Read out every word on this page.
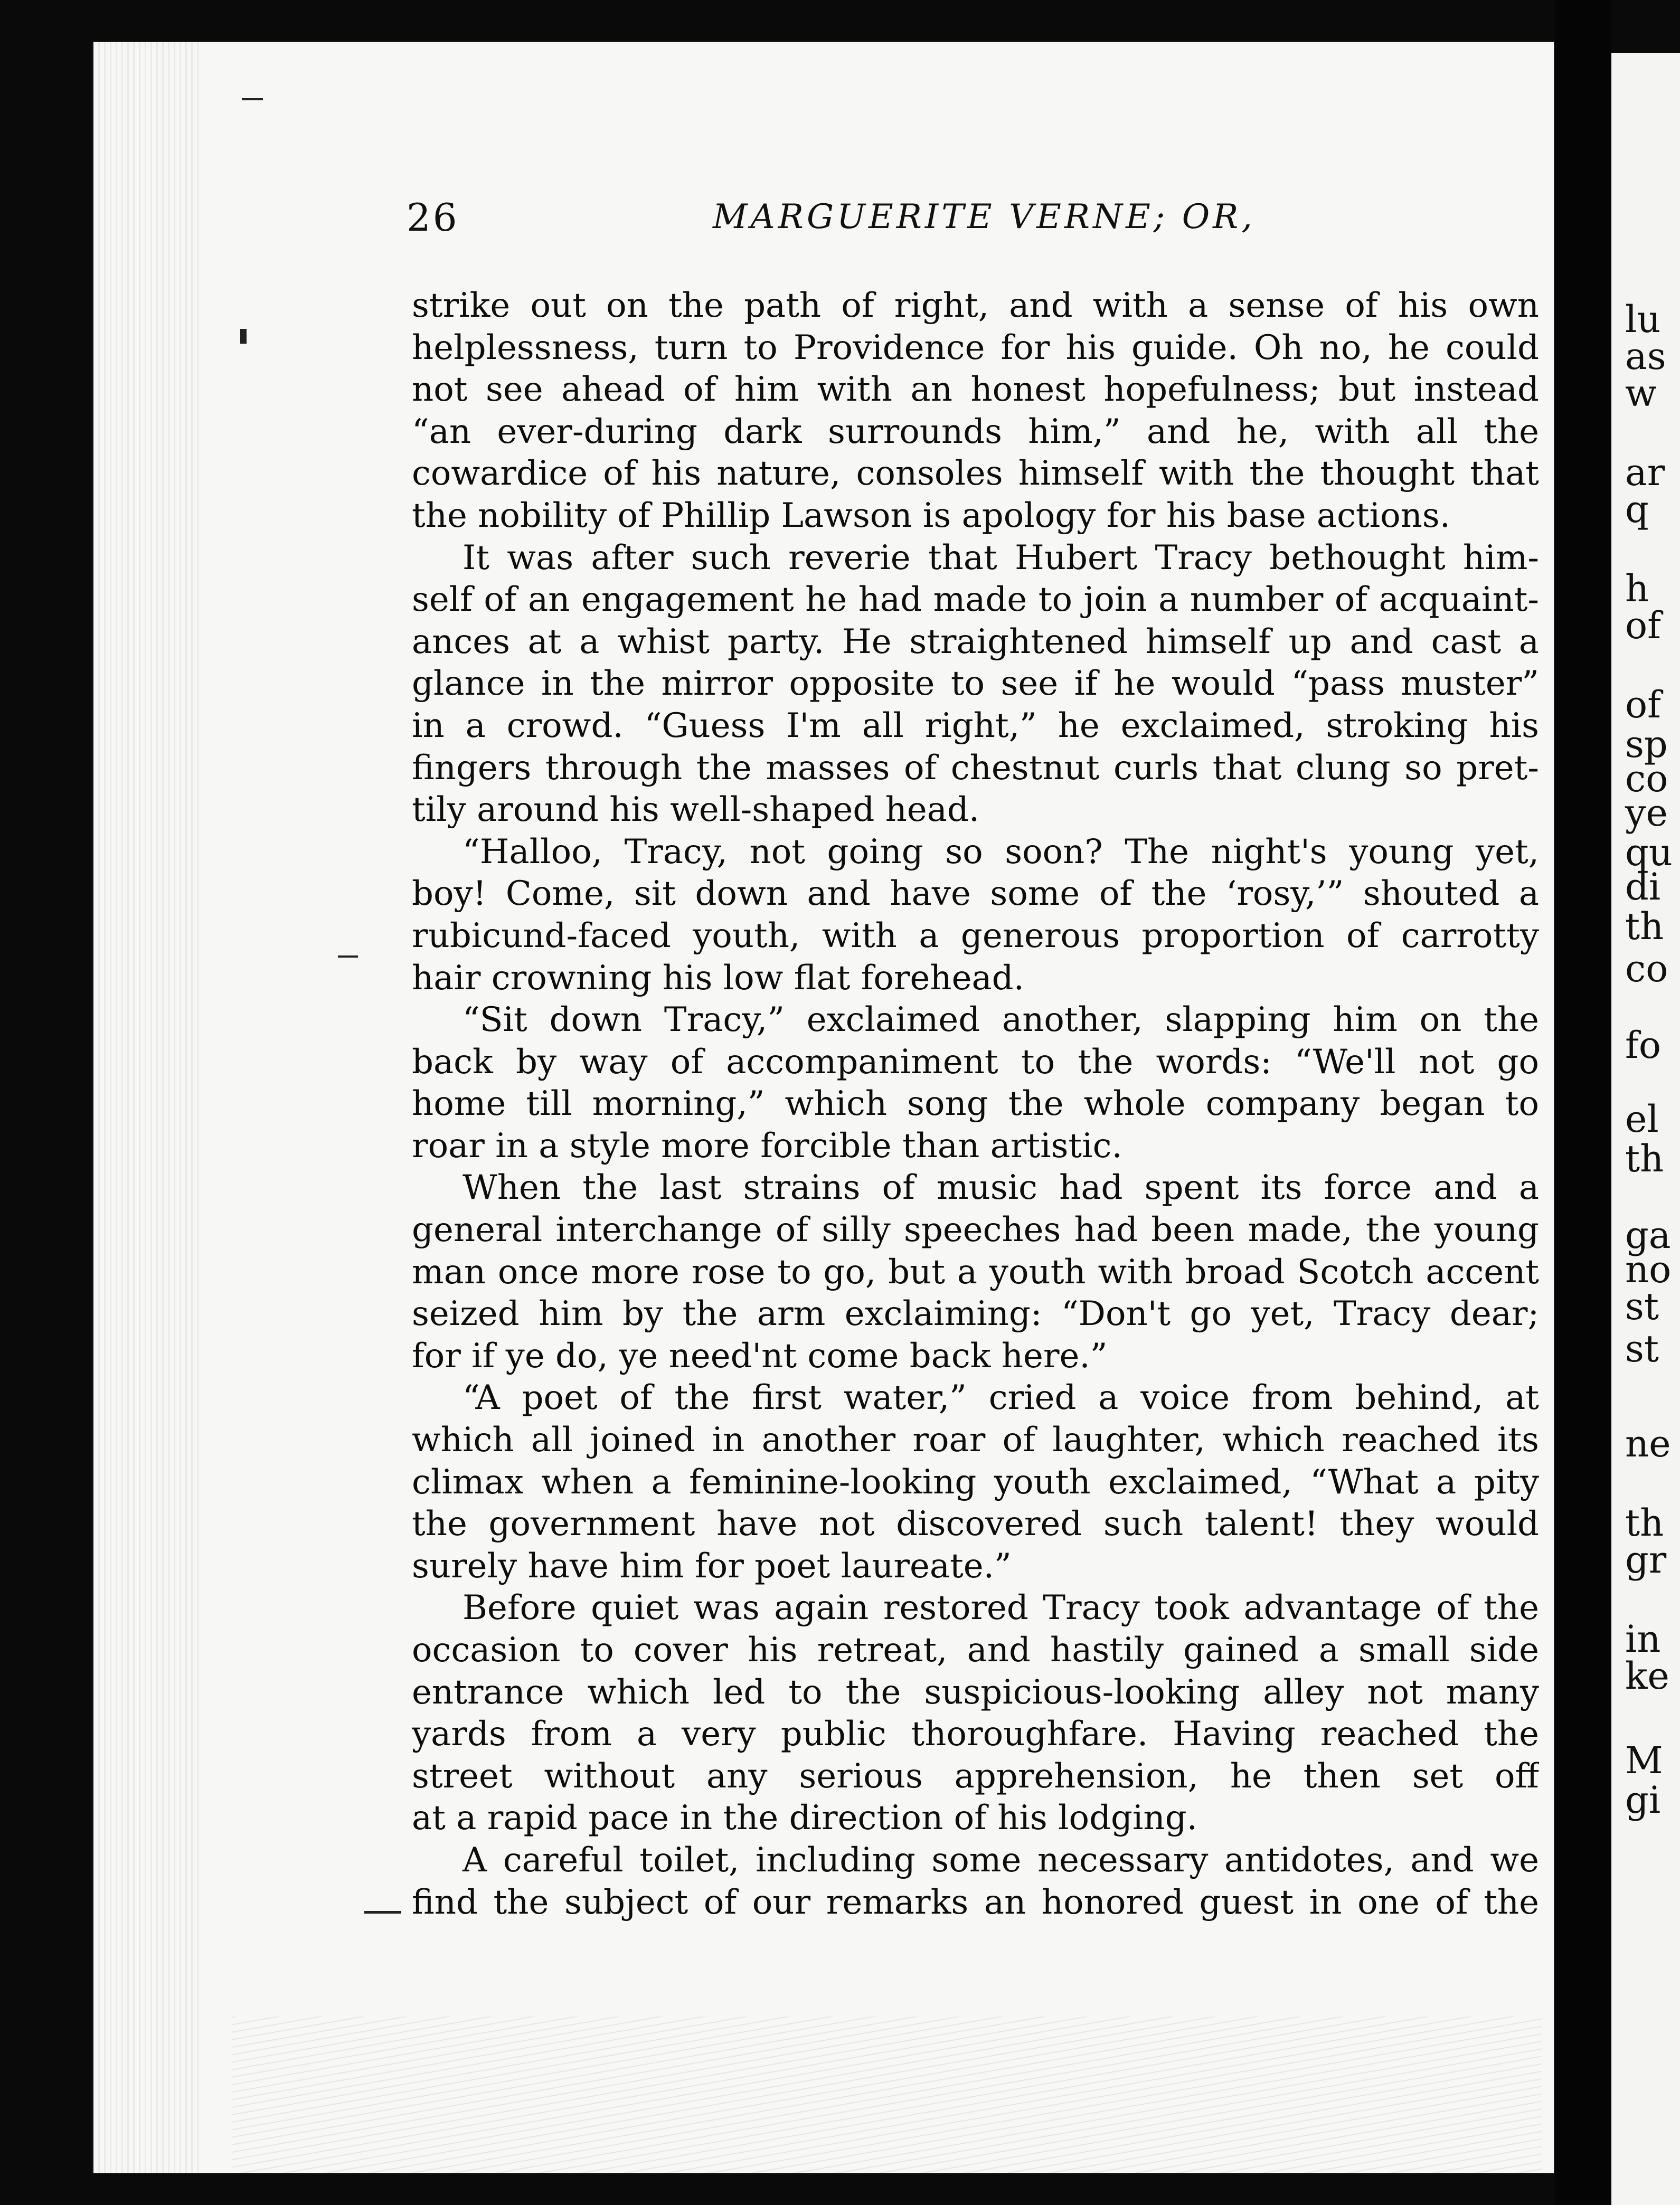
26	MARGUERITE VERNE; OR,
strike out on the path of right, and with a sense of his own
helplessness, turn to Providence for his guide. Oh no, he could
not see ahead of him with an honest hopefulness; but instead
“an ever-during dark surrounds him,” and he, with all the
cowardice of his nature, consoles himself with the thought that
the nobility of Phillip Lawson is apology for his base actions.
It was after such reverie that Hubert Tracy bethought him-
self of an engagement he had made to join a number of acquaint-
ances at a whist party. He straightened himself up and cast a
glance in the mirror opposite to see if he would “pass muster”
in a crowd. “Guess I'm all right,” he exclaimed, stroking his
fingers through the masses of chestnut curls that clung so pret-
tily around his well-shaped head.
“Halloo, Tracy, not going so soon? The night's young yet,
boy! Come, sit down and have some of the ‘rosy,’” shouted a
rubicund-faced youth, with a generous proportion of carrotty
hair crowning his low flat forehead.
“Sit down Tracy,” exclaimed another, slapping him on the
back by way of accompaniment to the words: “We'll not go
home till morning,” which song the whole company began to
roar in a style more forcible than artistic.
When the last strains of music had spent its force and a
general interchange of silly speeches had been made, the young
man once more rose to go, but a youth with broad Scotch accent
seized him by the arm exclaiming: “Don't go yet, Tracy dear;
for if ye do, ye need'nt come back here.”
“A poet of the first water,” cried a voice from behind, at
which all joined in another roar of laughter, which reached its
climax when a feminine-looking youth exclaimed, “What a pity
the government have not discovered such talent! they would
surely have him for poet laureate.”
Before quiet was again restored Tracy took advantage of the
occasion to cover his retreat, and hastily gained a small side
entrance which led to the suspicious-looking alley not many
yards from a very public thoroughfare. Having reached the
street without any serious apprehension, he then set off
at a rapid pace in the direction of his lodging.
A careful toilet, including some necessary antidotes, and we
find the subject of our remarks an honored guest in one of the
lu
as
w
ar
q
h
of
of
sp
co
ye
qu
di
th
co
fo
el
th
ga
no
st
st
ne
th
gr
in
ke
M
gi
